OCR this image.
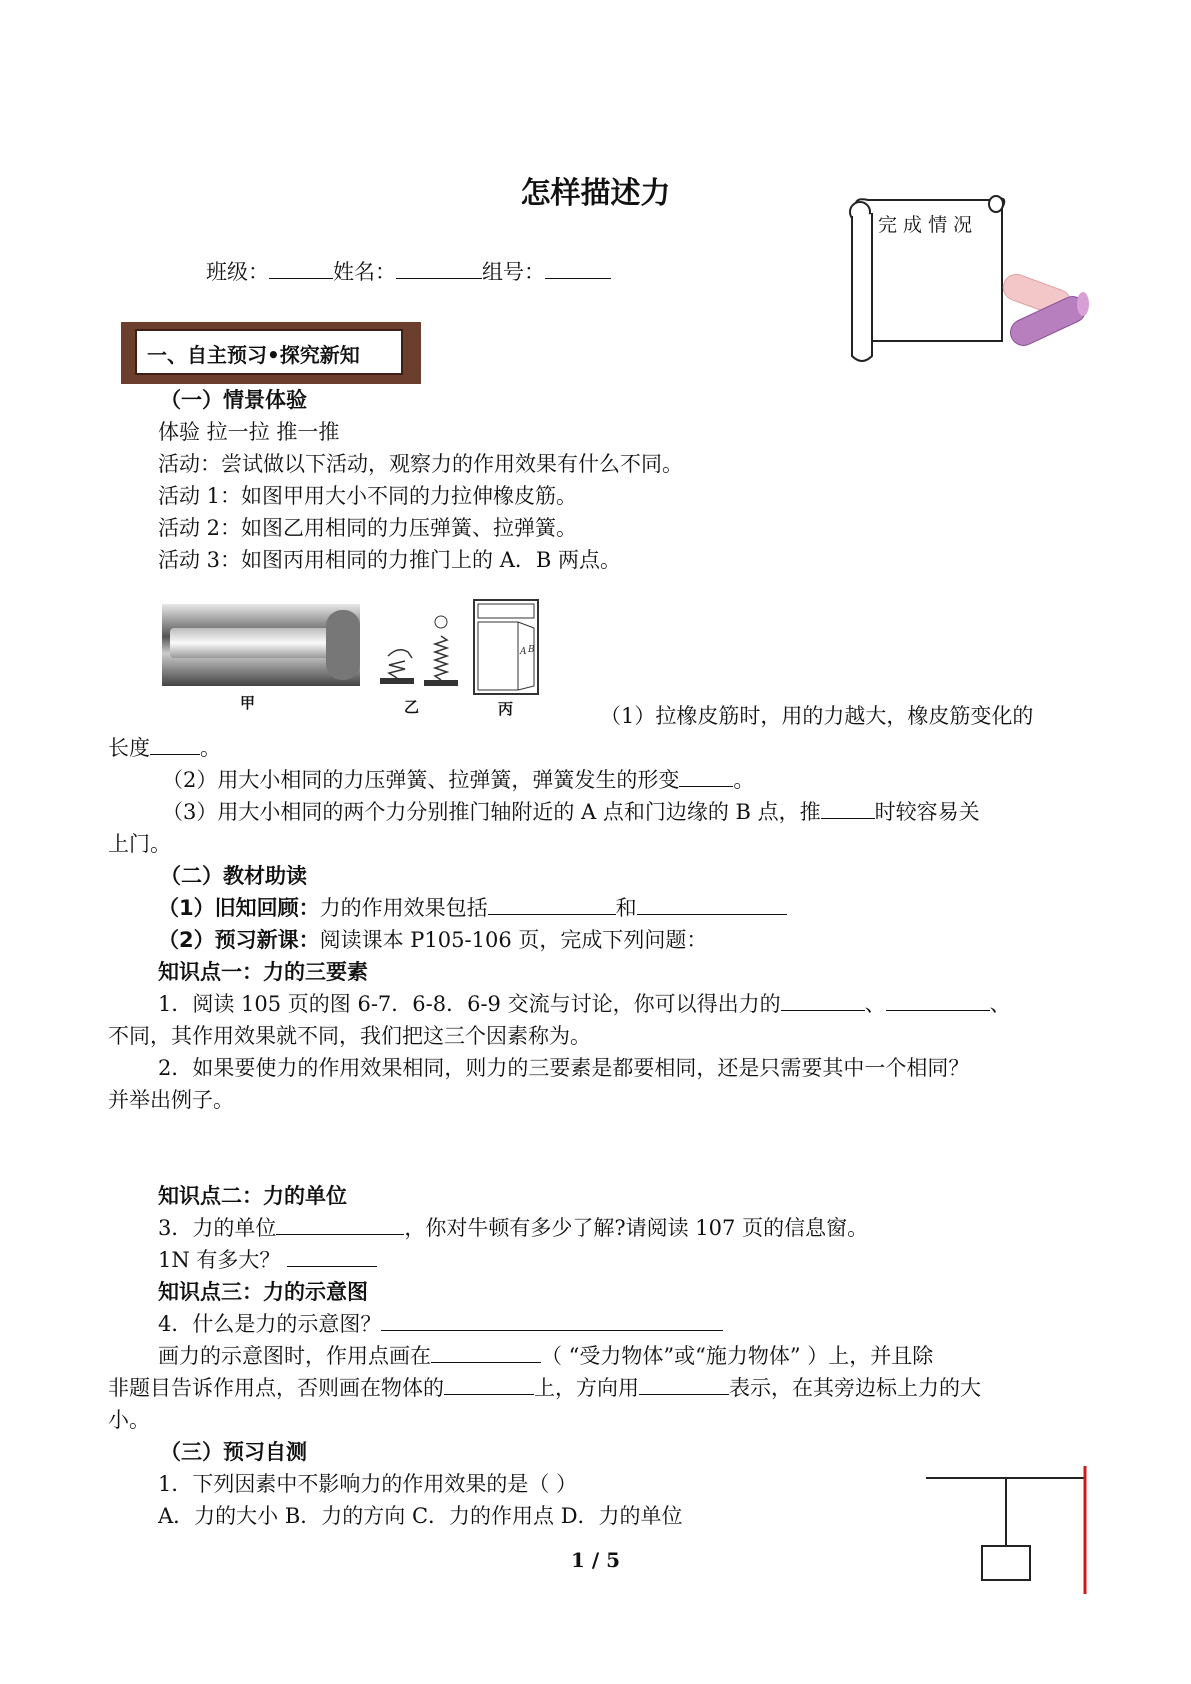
怎样描述力
班级：	姓名：	组号：
完 成 情 况
一、自主预习•探究新知
（一）情景体验
体验 拉一拉 推一推
活动：尝试做以下活动，观察力的作用效果有什么不同。
活动 1：如图甲用大小不同的力拉伸橡皮筋。
活动 2：如图乙用相同的力压弹簧、拉弹簧。
活动 3：如图丙用相同的力推门上的 A．B 两点。
甲	乙
A B
丙	（1）拉橡皮筋时，用的力越大，橡皮筋变化的
长度 。
（2）用大小相同的力压弹簧、拉弹簧，弹簧发生的形变	。
（3）用大小相同的两个力分别推门轴附近的 A 点和门边缘的 B 点，推	时较容易关
上门。
（二）教材助读
（1）旧知回顾：力的作用效果包括	和
（2）预习新课：阅读课本 P105-106 页，完成下列问题：
知识点一：力的三要素
1．阅读 105 页的图 6-7．6-8．6-9 交流与讨论，你可以得出力的	、	、
不同，其作用效果就不同，我们把这三个因素称为。
2．如果要使力的作用效果相同，则力的三要素是都要相同，还是只需要其中一个相同？
并举出例子。
知识点二：力的单位
3．力的单位	，你对牛顿有多少了解?请阅读 107 页的信息窗。
1N 有多大？
知识点三：力的示意图
4．什么是力的示意图？
画力的示意图时，作用点画在	（ “受力物体”或“施力物体” ）上，并且除
非题目告诉作用点，否则画在物体的	上，方向用	表示，在其旁边标上力的大
小。
（三）预习自测
1．下列因素中不影响力的作用效果的是（ ）
A．力的大小 B．力的方向 C．力的作用点 D．力的单位
1 / 5
